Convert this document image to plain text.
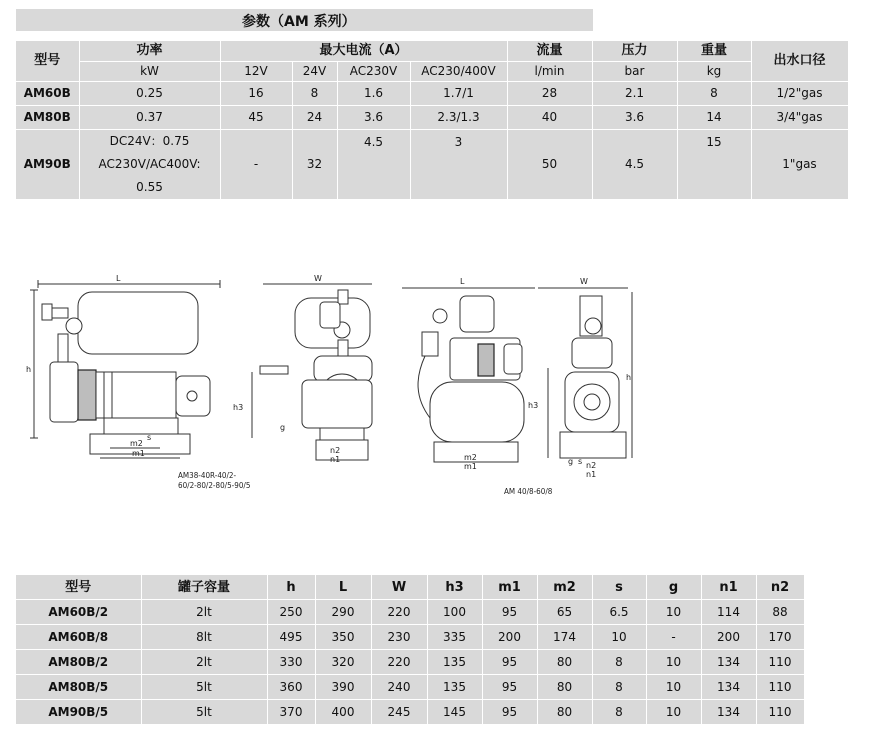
参数（AM 系列）
型号	功率	最大电流（A）				流量	压力	重量	出水口径
	kW	12V	24V	AC230V	AC230/400V	l/min	bar	kg	
AM60B	0.25	16	8	1.6	1.7/1	28	2.1	8	1/2"gas
AM80B	0.37	45	24	3.6	2.3/1.3	40	3.6	14	3/4"gas
AM90B	DC24V：0.75
AC230V/AC400V:
0.55	-	32	4.5	3	50	4.5	15	1"gas
L
h
m2
m1
s
W
h3
g
n2
n1
AM38-40R-40/2-
60/2-80/2-80/5-90/5
L
m2
m1
W
h
h3
g s n2
n1
AM 40/8-60/8
型号	罐子容量	h	L	W	h3	m1	m2	s	g	n1	n2
AM60B/2	2lt	250	290	220	100	95	65	6.5	10	114	88
AM60B/8	8lt	495	350	230	335	200	174	10	-	200	170
AM80B/2	2lt	330	320	220	135	95	80	8	10	134	110
AM80B/5	5lt	360	390	240	135	95	80	8	10	134	110
AM90B/5	5lt	370	400	245	145	95	80	8	10	134	110
